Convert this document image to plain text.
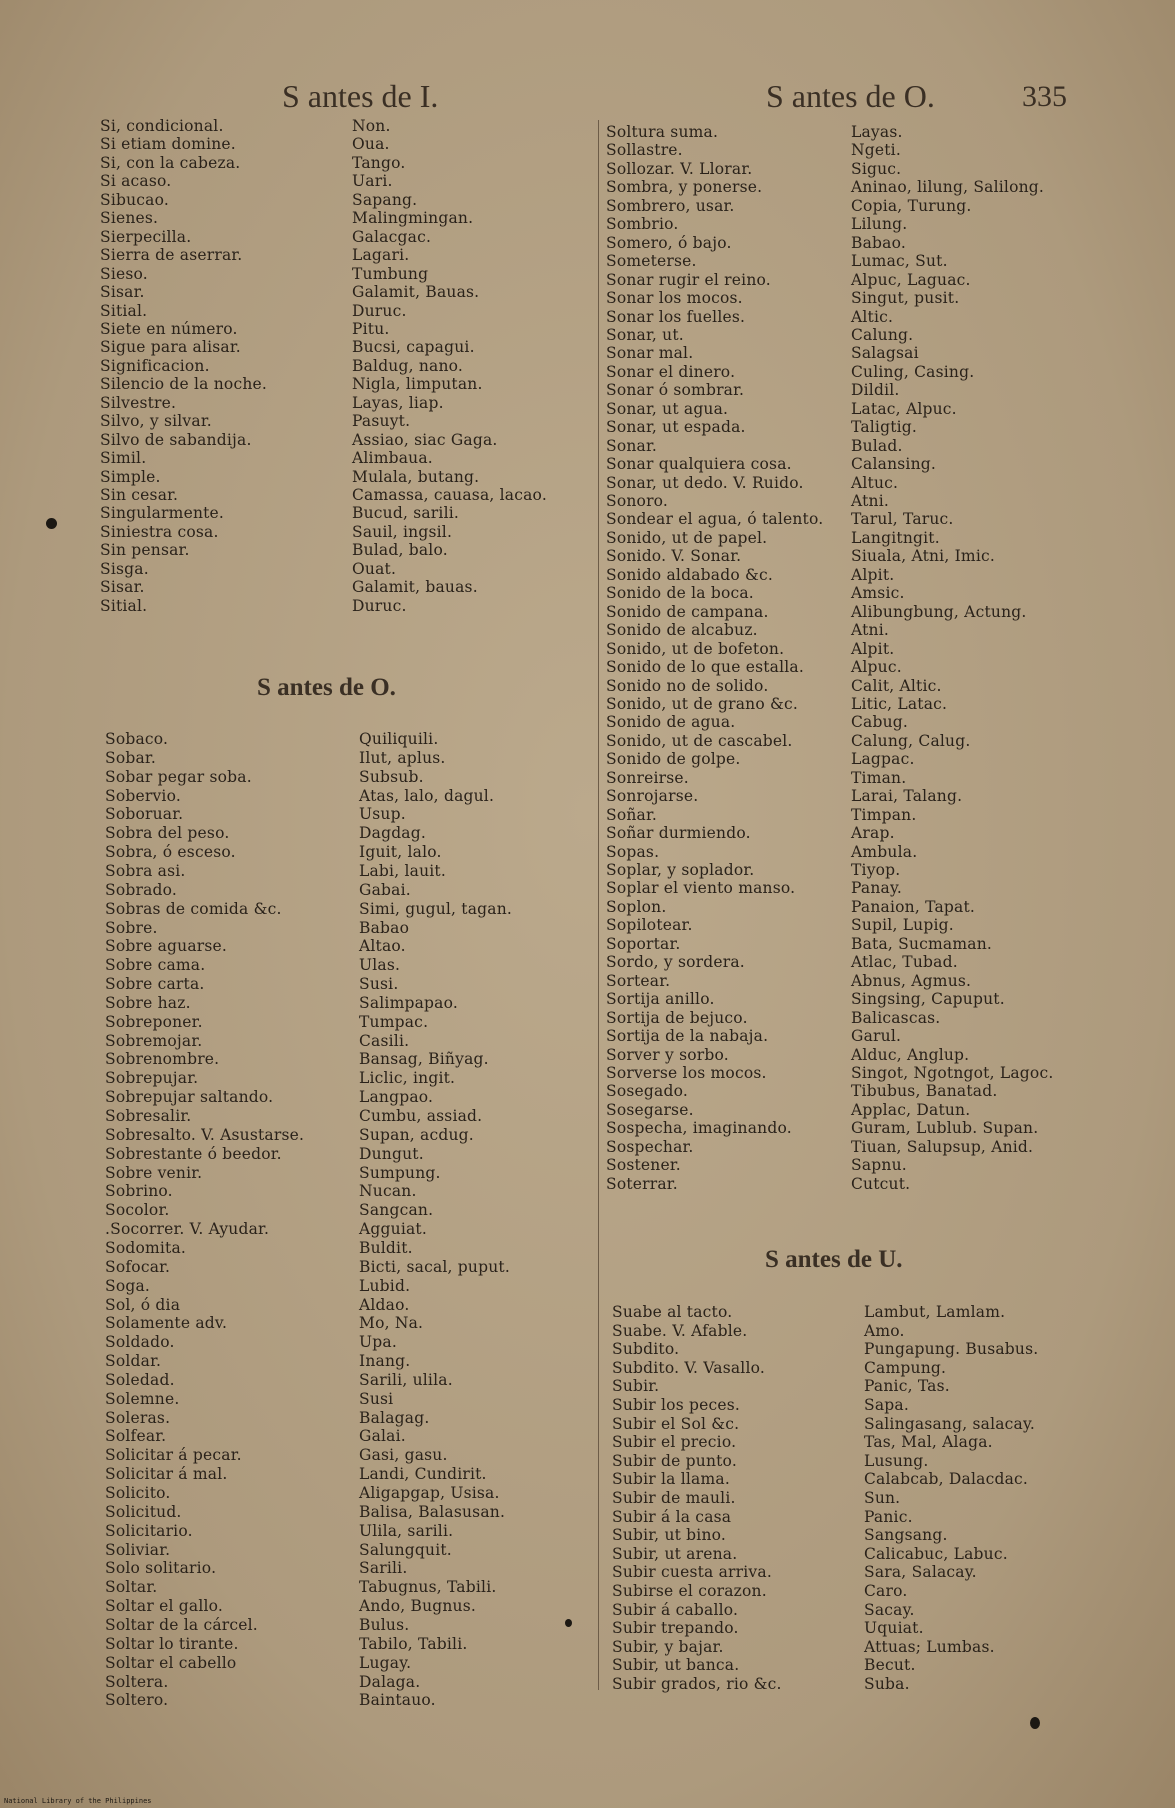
S antes de I.	S antes de O.	335
S antes de O.
S antes de U.
Si, condicional.	Non.
Si etiam domine.	Oua.
Si, con la cabeza.	Tango.
Si acaso.	Uari.
Sibucao.	Sapang.
Sienes.	Malingmingan.
Sierpecilla.	Galacgac.
Sierra de aserrar.	Lagari.
Sieso.	Tumbung
Sisar.	Galamit, Bauas.
Sitial.	Duruc.
Siete en número.	Pitu.
Sigue para alisar.	Bucsi, capagui.
Significacion.	Baldug, nano.
Silencio de la noche.	Nigla, limputan.
Silvestre.	Layas, liap.
Silvo, y silvar.	Pasuyt.
Silvo de sabandija.	Assiao, siac Gaga.
Simil.	Alimbaua.
Simple.	Mulala, butang.
Sin cesar.	Camassa, cauasa, lacao.
Singularmente.	Bucud, sarili.
Siniestra cosa.	Sauil, ingsil.
Sin pensar.	Bulad, balo.
Sisga.	Ouat.
Sisar.	Galamit, bauas.
Sitial.	Duruc.
Sobaco.	Quiliquili.
Sobar.	Ilut, aplus.
Sobar pegar soba.	Subsub.
Sobervio.	Atas, lalo, dagul.
Soboruar.	Usup.
Sobra del peso.	Dagdag.
Sobra, ó esceso.	Iguit, lalo.
Sobra asi.	Labi, lauit.
Sobrado.	Gabai.
Sobras de comida &c.	Simi, gugul, tagan.
Sobre.	Babao
Sobre aguarse.	Altao.
Sobre cama.	Ulas.
Sobre carta.	Susi.
Sobre haz.	Salimpapao.
Sobreponer.	Tumpac.
Sobremojar.	Casili.
Sobrenombre.	Bansag, Biñyag.
Sobrepujar.	Liclic, ingit.
Sobrepujar saltando.	Langpao.
Sobresalir.	Cumbu, assiad.
Sobresalto. V. Asustarse.	Supan, acdug.
Sobrestante ó beedor.	Dungut.
Sobre venir.	Sumpung.
Sobrino.	Nucan.
Socolor.	Sangcan.
.Socorrer. V. Ayudar.	Agguiat.
Sodomita.	Buldit.
Sofocar.	Bicti, sacal, puput.
Soga.	Lubid.
Sol, ó dia	Aldao.
Solamente adv.	Mo, Na.
Soldado.	Upa.
Soldar.	Inang.
Soledad.	Sarili, ulila.
Solemne.	Susi
Soleras.	Balagag.
Solfear.	Galai.
Solicitar á pecar.	Gasi, gasu.
Solicitar á mal.	Landi, Cundirit.
Solicito.	Aligapgap, Usisa.
Solicitud.	Balisa, Balasusan.
Solicitario.	Ulila, sarili.
Soliviar.	Salungquit.
Solo solitario.	Sarili.
Soltar.	Tabugnus, Tabili.
Soltar el gallo.	Ando, Bugnus.
Soltar de la cárcel.	Bulus.
Soltar lo tirante.	Tabilo, Tabili.
Soltar el cabello	Lugay.
Soltera.	Dalaga.
Soltero.	Baintauo.
Soltura suma.	Layas.
Sollastre.	Ngeti.
Sollozar. V. Llorar.	Siguc.
Sombra, y ponerse.	Aninao, lilung, Salilong.
Sombrero, usar.	Copia, Turung.
Sombrio.	Lilung.
Somero, ó bajo.	Babao.
Someterse.	Lumac, Sut.
Sonar rugir el reino.	Alpuc, Laguac.
Sonar los mocos.	Singut, pusit.
Sonar los fuelles.	Altic.
Sonar, ut.	Calung.
Sonar mal.	Salagsai
Sonar el dinero.	Culing, Casing.
Sonar ó sombrar.	Dildil.
Sonar, ut agua.	Latac, Alpuc.
Sonar, ut espada.	Taligtig.
Sonar.	Bulad.
Sonar qualquiera cosa.	Calansing.
Sonar, ut dedo. V. Ruido.	Altuc.
Sonoro.	Atni.
Sondear el agua, ó talento. Tarul, Taruc.
Sonido, ut de papel.	Langitngit.
Sonido. V. Sonar.	Siuala, Atni, Imic.
Sonido aldabado &c.	Alpit.
Sonido de la boca.	Amsic.
Sonido de campana.	Alibungbung, Actung.
Sonido de alcabuz.	Atni.
Sonido, ut de bofeton.	Alpit.
Sonido de lo que estalla.	Alpuc.
Sonido no de solido.	Calit, Altic.
Sonido, ut de grano &c.	Litic, Latac.
Sonido de agua.	Cabug.
Sonido, ut de cascabel.	Calung, Calug.
Sonido de golpe.	Lagpac.
Sonreirse.	Timan.
Sonrojarse.	Larai, Talang.
Soñar.	Timpan.
Soñar durmiendo.	Arap.
Sopas.	Ambula.
Soplar, y soplador.	Tiyop.
Soplar el viento manso.	Panay.
Soplon.	Panaion, Tapat.
Sopilotear.	Supil, Lupig.
Soportar.	Bata, Sucmaman.
Sordo, y sordera.	Atlac, Tubad.
Sortear.	Abnus, Agmus.
Sortija anillo.	Singsing, Capuput.
Sortija de bejuco.	Balicascas.
Sortija de la nabaja.	Garul.
Sorver y sorbo.	Alduc, Anglup.
Sorverse los mocos.	Singot, Ngotngot, Lagoc.
Sosegado.	Tibubus, Banatad.
Sosegarse.	Applac, Datun.
Sospecha, imaginando.	Guram, Lublub. Supan.
Sospechar.	Tiuan, Salupsup, Anid.
Sostener.	Sapnu.
Soterrar.	Cutcut.
Suabe al tacto.	Lambut, Lamlam.
Suabe. V. Afable.	Amo.
Subdito.	Pungapung. Busabus.
Subdito. V. Vasallo.	Campung.
Subir.	Panic, Tas.
Subir los peces.	Sapa.
Subir el Sol &c.	Salingasang, salacay.
Subir el precio.	Tas, Mal, Alaga.
Subir de punto.	Lusung.
Subir la llama.	Calabcab, Dalacdac.
Subir de mauli.	Sun.
Subir á la casa	Panic.
Subir, ut bino.	Sangsang.
Subir, ut arena.	Calicabuc, Labuc.
Subir cuesta arriva.	Sara, Salacay.
Subirse el corazon.	Caro.
Subir á caballo.	Sacay.
Subir trepando.	Uquiat.
Subir, y bajar.	Attuas; Lumbas.
Subir, ut banca.	Becut.
Subir grados, rio &c.	Suba.
National Library of the Philippines
